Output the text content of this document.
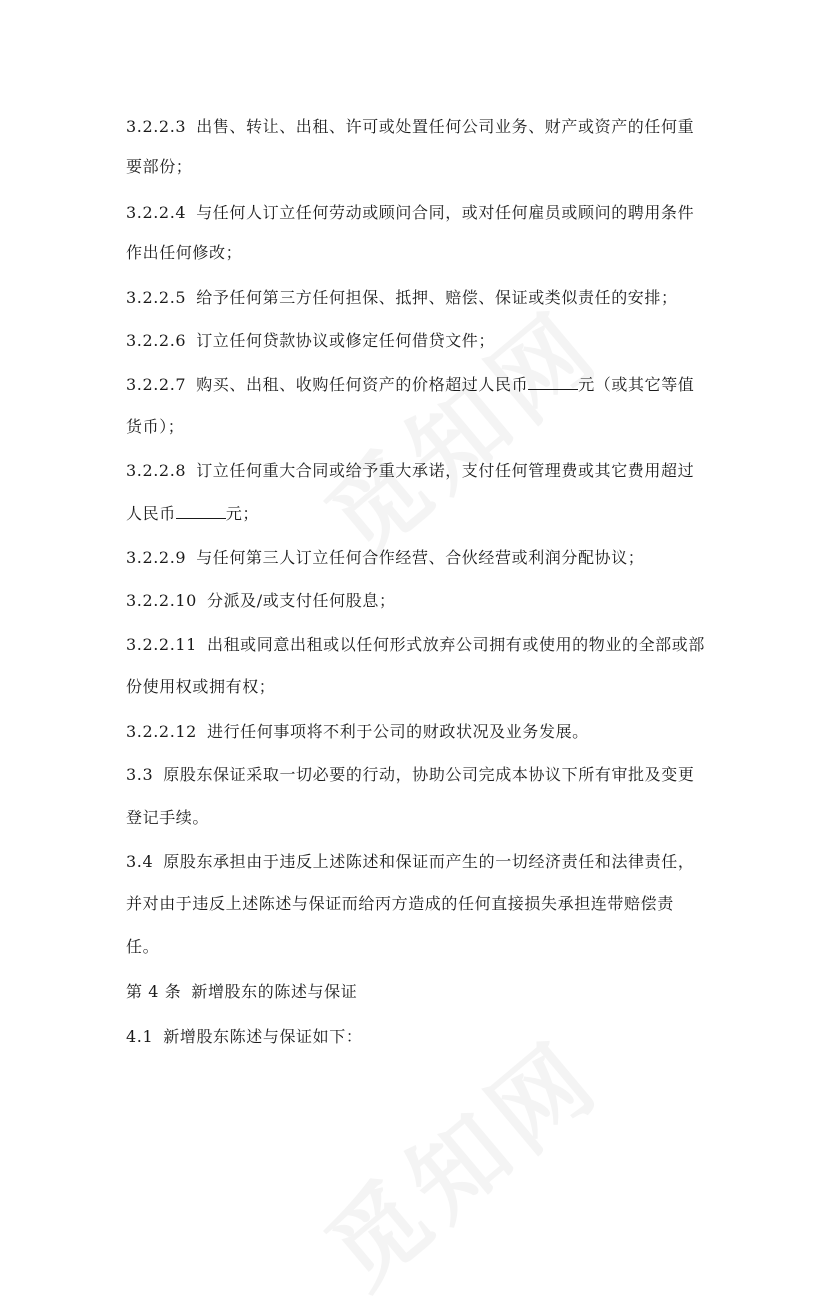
3.2.2.3 出售、转让、出租、许可或处置任何公司业务、财产或资产的任何重
要部份；
3.2.2.4 与任何人订立任何劳动或顾问合同，或对任何雇员或顾问的聘用条件
作出任何修改；
3.2.2.5 给予任何第三方任何担保、抵押、赔偿、保证或类似责任的安排；
3.2.2.6 订立任何贷款协议或修定任何借贷文件；
3.2.2.7 购买、出租、收购任何资产的价格超过人民币	元（或其它等值
货币）；
3.2.2.8 订立任何重大合同或给予重大承诺，支付任何管理费或其它费用超过
人民币	元；
3.2.2.9 与任何第三人订立任何合作经营、合伙经营或利润分配协议；
3.2.2.10 分派及/或支付任何股息；
3.2.2.11 出租或同意出租或以任何形式放弃公司拥有或使用的物业的全部或部
份使用权或拥有权；
3.2.2.12 进行任何事项将不利于公司的财政状况及业务发展。
3.3 原股东保证采取一切必要的行动，协助公司完成本协议下所有审批及变更
登记手续。
3.4 原股东承担由于违反上述陈述和保证而产生的一切经济责任和法律责任，
并对由于违反上述陈述与保证而给丙方造成的任何直接损失承担连带赔偿责
任。
第 4 条 新增股东的陈述与保证
4.1 新增股东陈述与保证如下：
